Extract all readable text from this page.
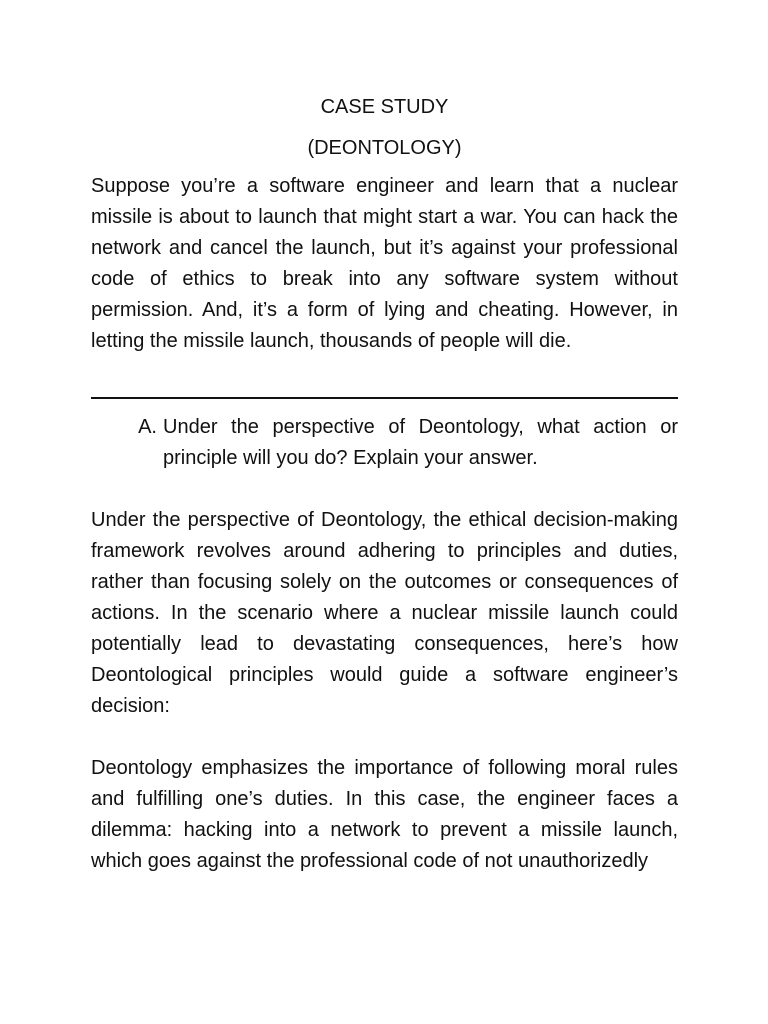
CASE STUDY

(DEONTOLOGY)

Suppose you’re a software engineer and learn that a nuclear missile is about to launch that might start a war. You can hack the network and cancel the launch, but it’s against your professional code of ethics to break into any software system without permission. And, it’s a form of lying and cheating. However, in letting the missile launch, thousands of people will die.

A. Under the perspective of Deontology, what action or principle will you do? Explain your answer.

Under the perspective of Deontology, the ethical decision-making framework revolves around adhering to principles and duties, rather than focusing solely on the outcomes or consequences of actions. In the scenario where a nuclear missile launch could potentially lead to devastating consequences, here’s how Deontological principles would guide a software engineer’s decision:

Deontology emphasizes the importance of following moral rules and fulfilling one’s duties. In this case, the engineer faces a dilemma: hacking into a network to prevent a missile launch, which goes against the professional code of not unauthorizedly
